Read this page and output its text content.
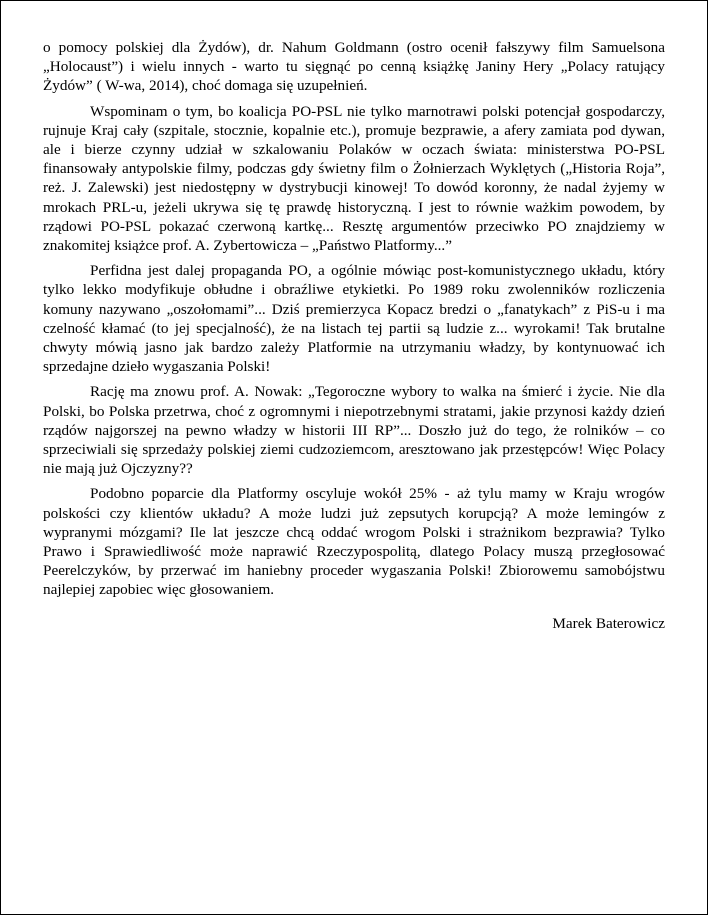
o pomocy polskiej dla Żydów), dr. Nahum Goldmann (ostro ocenił fałszywy film Samuelsona „Holocaust”) i wielu innych - warto tu sięgnąć po cenną książkę Janiny Hery „Polacy ratujący Żydów” ( W-wa, 2014), choć domaga się uzupełnień.

Wspominam o tym, bo koalicja PO-PSL nie tylko marnotrawi polski potencjał gospodarczy, rujnuje Kraj cały (szpitale, stocznie, kopalnie etc.), promuje bezprawie, a afery zamiata pod dywan, ale i bierze czynny udział w szkalowaniu Polaków w oczach świata: ministerstwa PO-PSL finansowały antypolskie filmy, podczas gdy świetny film o Żołnierzach Wyklętych („Historia Roja”, reż. J. Zalewski) jest niedostępny w dystrybucji kinowej! To dowód koronny, że nadal żyjemy w mrokach PRL-u, jeżeli ukrywa się tę prawdę historyczną. I jest to równie ważkim powodem, by rządowi PO-PSL pokazać czerwoną kartkę... Resztę argumentów przeciwko PO znajdziemy w znakomitej książce prof. A. Zybertowicza – „Państwo Platformy...”

Perfidna jest dalej propaganda PO, a ogólnie mówiąc post-komunistycznego układu, który tylko lekko modyfikuje obłudne i obraźliwe etykietki. Po 1989 roku zwolenników rozliczenia komuny nazywano „oszołomami”... Dziś premierzyca Kopacz bredzi o „fanatykach” z PiS-u i ma czelność kłamać (to jej specjalność), że na listach tej partii są ludzie z... wyrokami! Tak brutalne chwyty mówią jasno jak bardzo zależy Platformie na utrzymaniu władzy, by kontynuować ich sprzedajne dzieło wygaszania Polski!

Rację ma znowu prof. A. Nowak: „Tegoroczne wybory to walka na śmierć i życie. Nie dla Polski, bo Polska przetrwa, choć z ogromnymi i niepotrzebnymi stratami, jakie przynosi każdy dzień rządów najgorszej na pewno władzy w historii III RP”... Doszło już do tego, że rolników – co sprzeciwiali się sprzedaży polskiej ziemi cudzoziemcom, aresztowano jak przestępców! Więc Polacy nie mają już Ojczyzny??

Podobno poparcie dla Platformy oscyluje wokół 25% - aż tylu mamy w Kraju wrogów polskości czy klientów układu? A może ludzi już zepsutych korupcją? A może lemingów z wypranymi mózgami? Ile lat jeszcze chcą oddać wrogom Polski i strażnikom bezprawia? Tylko Prawo i Sprawiedliwość może naprawić Rzeczypospolitą, dlatego Polacy muszą przegłosować Peerelczyków, by przerwać im haniebny proceder wygaszania Polski! Zbiorowemu samobójstwu najlepiej zapobiec więc głosowaniem.

Marek Baterowicz
